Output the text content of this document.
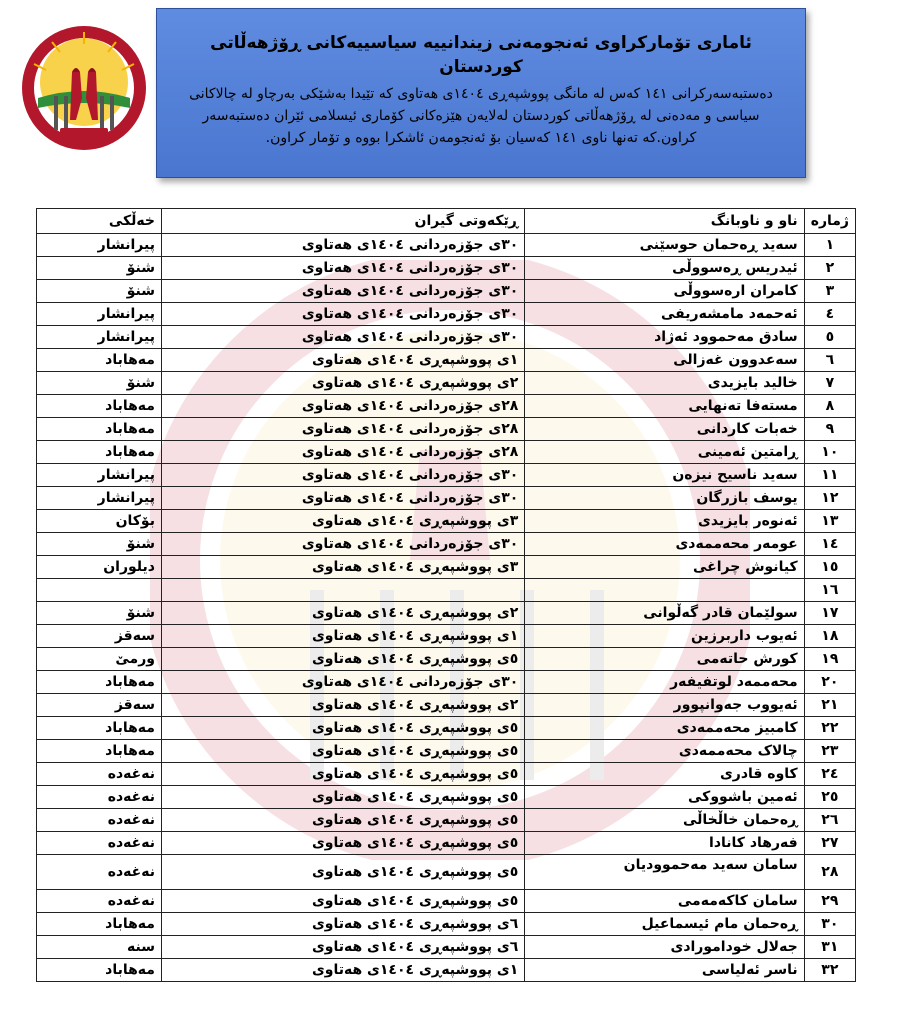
ئاماری تۆمارکراوی ئەنجومەنی زیندانییە سیاسییەکانی ڕۆژهەڵاتی کوردستان
دەستبەسەرکرانی ١٤١ کەس لە مانگی پووشپەڕی ١٤٠٤ی هەتاوی کە تێیدا بەشێکی بەرچاو لە چالاکانی سیاسی و مەدەنی لە ڕۆژهەڵاتی کوردستان لەلایەن هێزەکانی کۆماری ئیسلامی ئێران دەستبەسەر کراون.کە تەنها ناوی ١٤١ کەسیان بۆ ئەنجومەن ئاشکرا بووە و تۆمار کراون.
ژمارە	ناو و ناوبانگ	ڕێکەوتی گیران	خەڵکی
١	سەید ڕەحمان حوسێنی	٣٠ی جۆزەردانی ١٤٠٤ی هەتاوی	پیرانشار
٢	ئیدریس ڕەسووڵی	٣٠ی جۆزەردانی ١٤٠٤ی هەتاوی	شنۆ
٣	کامران ارەسووڵی	٣٠ی جۆزەردانی ١٤٠٤ی هەتاوی	شنۆ
٤	ئەحمەد مامشەریفی	٣٠ی جۆزەردانی ١٤٠٤ی هەتاوی	پیرانشار
٥	سادق مەحموود ئەژاد	٣٠ی جۆزەردانی ١٤٠٤ی هەتاوی	پیرانشار
٦	سەعدوون غەزالی	١ی پووشپەڕی ١٤٠٤ی هەتاوی	مەهاباد
٧	خالید بایزیدی	٢ی پووشپەڕی ١٤٠٤ی هەتاوی	شنۆ
٨	مستەفا تەنهایی	٢٨ی جۆزەردانی ١٤٠٤ی هەتاوی	مەهاباد
٩	خەبات کاردانی	٢٨ی جۆزەردانی ١٤٠٤ی هەتاوی	مەهاباد
١٠	ڕامتین ئەمینی	٢٨ی جۆزەردانی ١٤٠٤ی هەتاوی	مەهاباد
١١	سەید ناسیح نیزەن	٣٠ی جۆزەردانی ١٤٠٤ی هەتاوی	پیرانشار
١٢	یوسف بازرگان	٣٠ی جۆزەردانی ١٤٠٤ی هەتاوی	پیرانشار
١٣	ئەنوەر بایزیدی	٣ی پووشپەڕی ١٤٠٤ی هەتاوی	بۆکان
١٤	عومەر محەممەدی	٣٠ی جۆزەردانی ١٤٠٤ی هەتاوی	شنۆ
١٥	کیانوش چراغی	٣ی پووشپەڕی ١٤٠٤ی هەتاوی	دیلوران
١٦			
١٧	سولێمان قادر گەڵوانی	٢ی پووشپەڕی ١٤٠٤ی هەتاوی	شنۆ
١٨	ئەیوب داربرزین	١ی پووشپەڕی ١٤٠٤ی هەتاوی	سەقز
١٩	کورش حاتەمی	٥ی پووشپەڕی ١٤٠٤ی هەتاوی	ورمێ
٢٠	محەممەد لوتفیفەر	٣٠ی جۆزەردانی ١٤٠٤ی هەتاوی	مەهاباد
٢١	ئەیووب جەوانپوور	٢ی پووشپەڕی ١٤٠٤ی هەتاوی	سەقز
٢٢	کامبیز محەممەدی	٥ی پووشپەڕی ١٤٠٤ی هەتاوی	مەهاباد
٢٣	چالاک محەممەدی	٥ی پووشپەڕی ١٤٠٤ی هەتاوی	مەهاباد
٢٤	کاوە قادری	٥ی پووشپەڕی ١٤٠٤ی هەتاوی	نەغەدە
٢٥	ئەمین باشووکی	٥ی پووشپەڕی ١٤٠٤ی هەتاوی	نەغەدە
٢٦	ڕەحمان خاڵخاڵی	٥ی پووشپەڕی ١٤٠٤ی هەتاوی	نەغەدە
٢٧	فەرهاد کانادا	٥ی پووشپەڕی ١٤٠٤ی هەتاوی	نەغەدە
٢٨	سامان سەید مەحموودیان	٥ی پووشپەڕی ١٤٠٤ی هەتاوی	نەغەدە
٢٩	سامان کاکەمەمی	٥ی پووشپەڕی ١٤٠٤ی هەتاوی	نەغەدە
٣٠	ڕەحمان مام ئیسماعیل	٦ی پووشپەڕی ١٤٠٤ی هەتاوی	مەهاباد
٣١	جەلال خودامورادی	٦ی پووشپەڕی ١٤٠٤ی هەتاوی	سنە
٣٢	ناسر ئەلیاسی	١ی پووشپەڕی ١٤٠٤ی هەتاوی	مەهاباد
